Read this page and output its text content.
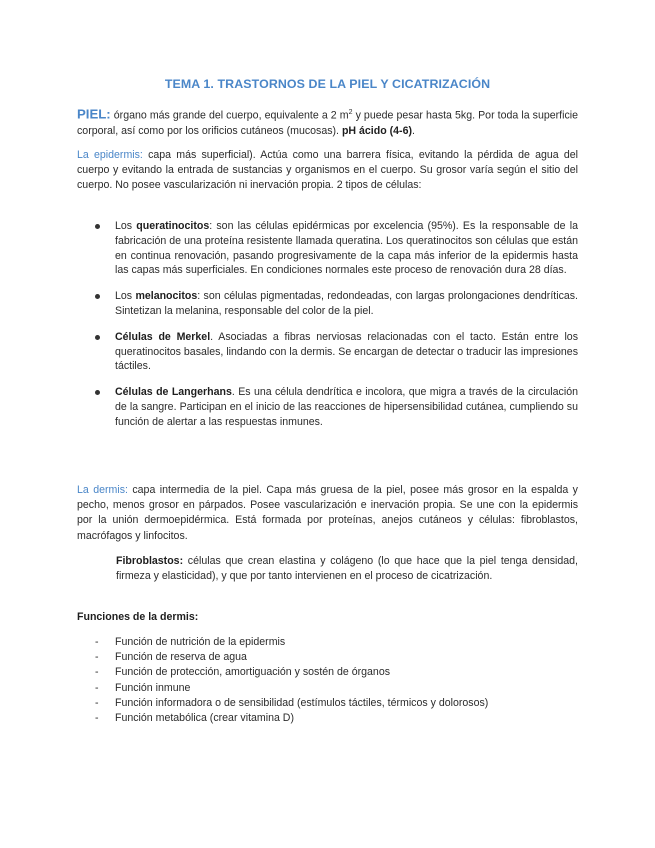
TEMA 1. TRASTORNOS DE LA PIEL Y CICATRIZACIÓN

PIEL: órgano más grande del cuerpo, equivalente a 2 $m^2$ y puede pesar hasta 5kg. Por toda la superficie corporal, así como por los orificios cutáneos (mucosas). pH ácido (4-6).

La epidermis: capa más superficial). Actúa como una barrera física, evitando la pérdida de agua del cuerpo y evitando la entrada de sustancias y organismos en el cuerpo. Su grosor varía según el sitio del cuerpo. No posee vascularización ni inervación propia. 2 tipos de células:

Los queratinocitos: son las células epidérmicas por excelencia (95%). Es la responsable de la fabricación de una proteína resistente llamada queratina. Los queratinocitos son células que están en continua renovación, pasando progresivamente de la capa más inferior de la epidermis hasta las capas más superficiales. En condiciones normales este proceso de renovación dura 28 días.
Los melanocitos: son células pigmentadas, redondeadas, con largas prolongaciones dendríticas. Sintetizan la melanina, responsable del color de la piel.
Células de Merkel. Asociadas a fibras nerviosas relacionadas con el tacto. Están entre los queratinocitos basales, lindando con la dermis. Se encargan de detectar o traducir las impresiones táctiles.
Células de Langerhans. Es una célula dendrítica e incolora, que migra a través de la circulación de la sangre. Participan en el inicio de las reacciones de hipersensibilidad cutánea, cumpliendo su función de alertar a las respuestas inmunes.

La dermis: capa intermedia de la piel. Capa más gruesa de la piel, posee más grosor en la espalda y pecho, menos grosor en párpados. Posee vascularización e inervación propia. Se une con la epidermis por la unión dermoepidérmica. Está formada por proteínas, anejos cutáneos y células: fibroblastos, macrófagos y linfocitos.

Fibroblastos: células que crean elastina y colágeno (lo que hace que la piel tenga densidad, firmeza y elasticidad), y que por tanto intervienen en el proceso de cicatrización.

Funciones de la dermis:

- Función de nutrición de la epidermis
- Función de reserva de agua
- Función de protección, amortiguación y sostén de órganos
- Función inmune
- Función informadora o de sensibilidad (estímulos táctiles, térmicos y dolorosos)
- Función metabólica (crear vitamina D)
